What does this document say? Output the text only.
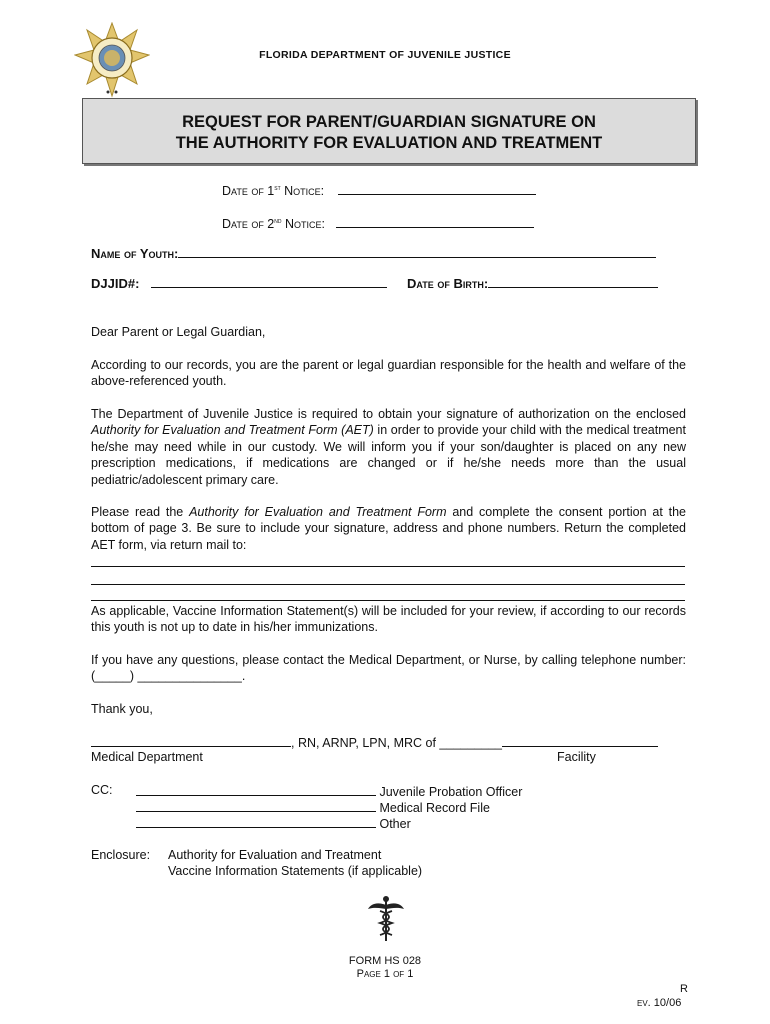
FLORIDA DEPARTMENT OF JUVENILE JUSTICE
REQUEST FOR PARENT/GUARDIAN SIGNATURE ON
THE AUTHORITY FOR EVALUATION AND TREATMENT
Date of 1st Notice:
Date of 2nd Notice:
Name of Youth:
DJJID#:	Date of Birth:
Dear Parent or Legal Guardian,
According to our records, you are the parent or legal guardian responsible for the health and welfare of the above-referenced youth.
The Department of Juvenile Justice is required to obtain your signature of authorization on the enclosed Authority for Evaluation and Treatment Form (AET) in order to provide your child with the medical treatment he/she may need while in our custody. We will inform you if your son/daughter is placed on any new prescription medications, if medications are changed or if he/she needs more than the usual pediatric/adolescent primary care.
Please read the Authority for Evaluation and Treatment Form and complete the consent portion at the bottom of page 3. Be sure to include your signature, address and phone numbers. Return the completed AET form, via return mail to:
As applicable, Vaccine Information Statement(s) will be included for your review, if according to our records this youth is not up to date in his/her immunizations.
If you have any questions, please contact the Medical Department, or Nurse, by calling telephone number: (_____) _______________.
Thank you,
, RN, ARNP, LPN, MRC of _________
Medical Department	Facility
CC:	Juvenile Probation Officer
Medical Record File
Other
Enclosure: Authority for Evaluation and Treatment
Vaccine Information Statements (if applicable)
FORM HS 028
Page 1 of 1
R
ev. 10/06
